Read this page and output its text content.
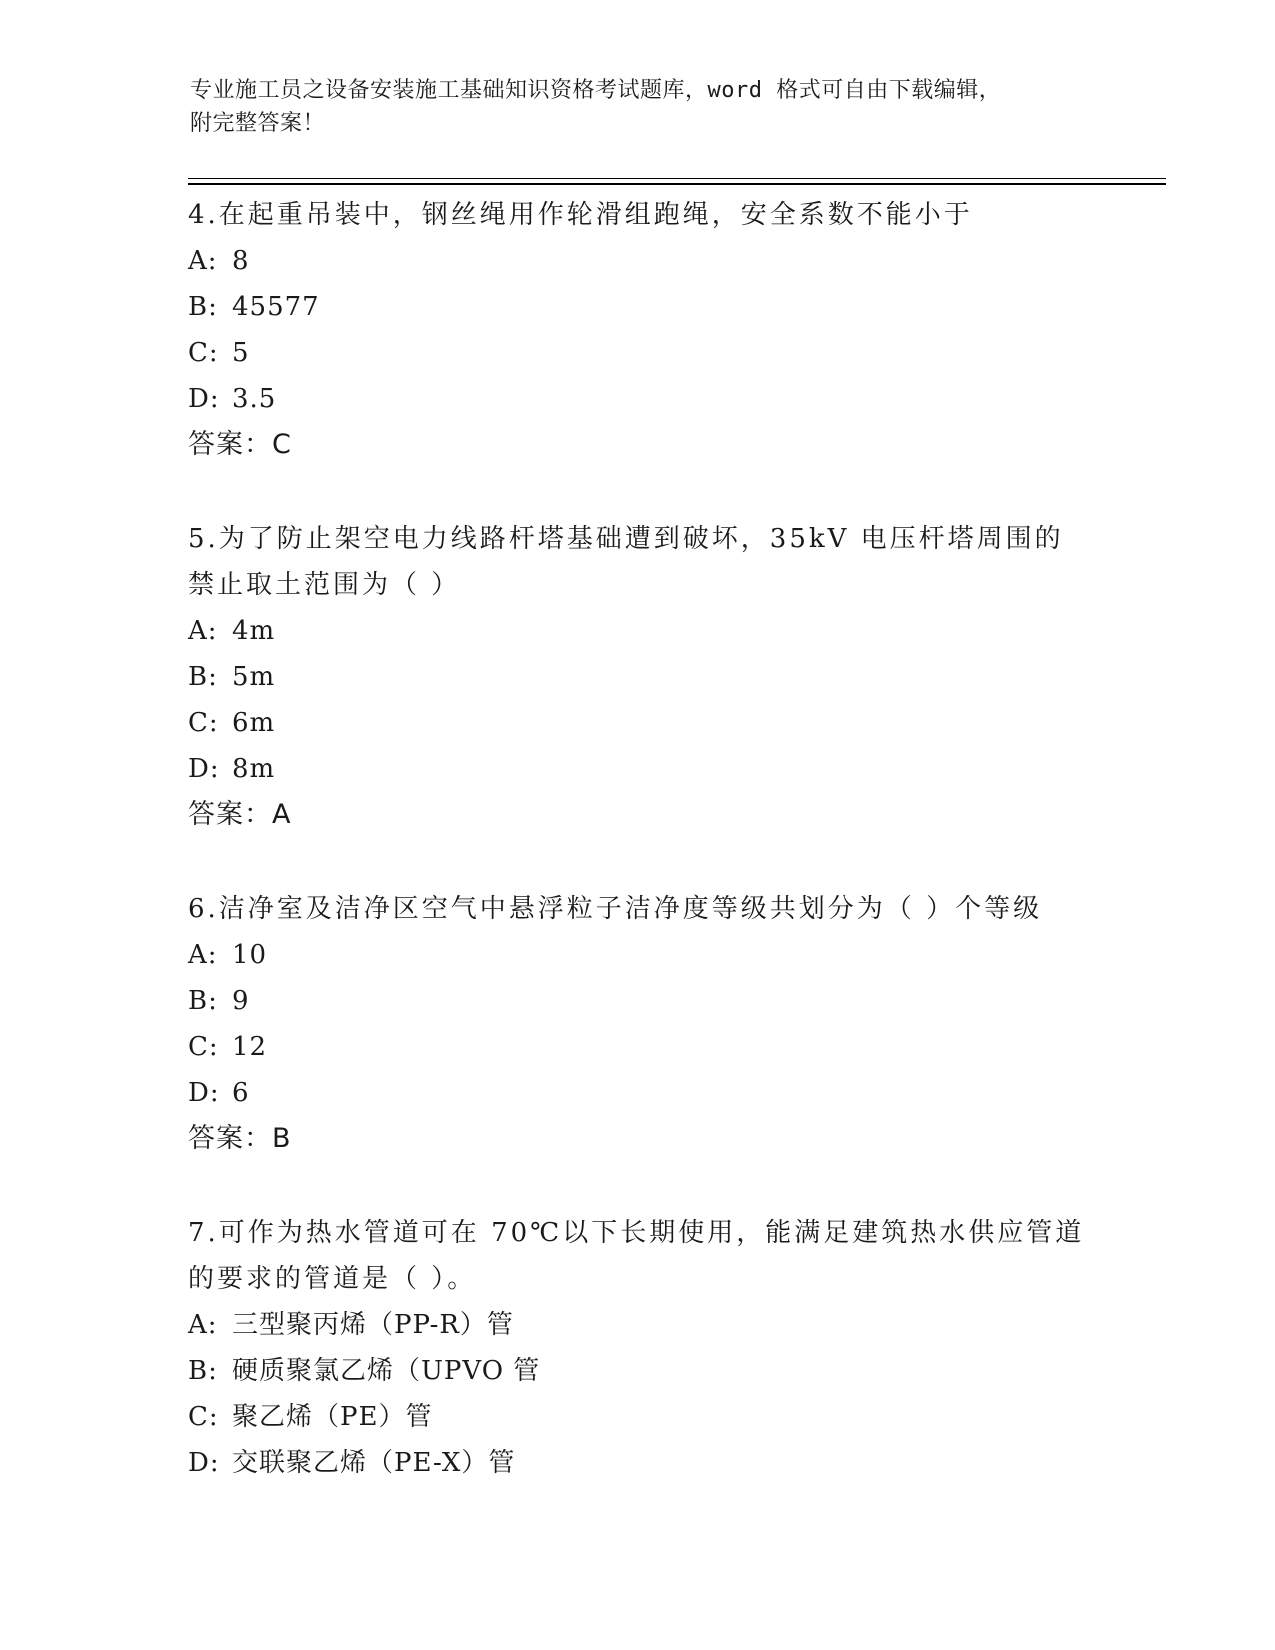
专业施工员之设备安装施工基础知识资格考试题库，word 格式可自由下载编辑，
附完整答案！
4.在起重吊装中，钢丝绳用作轮滑组跑绳，安全系数不能小于
A: 8
B: 45577
C: 5
D: 3.5
答案：C
5.为了防止架空电力线路杆塔基础遭到破坏，35kV 电压杆塔周围的禁止取土范围为（ ）
A: 4m
B: 5m
C: 6m
D: 8m
答案：A
6.洁净室及洁净区空气中悬浮粒子洁净度等级共划分为（ ）个等级
A: 10
B: 9
C: 12
D: 6
答案：B
7.可作为热水管道可在 70℃以下长期使用，能满足建筑热水供应管道的要求的管道是（ ）。
A: 三型聚丙烯（PP-R）管
B: 硬质聚氯乙烯（UPVO 管
C: 聚乙烯（PE）管
D: 交联聚乙烯（PE-X）管
